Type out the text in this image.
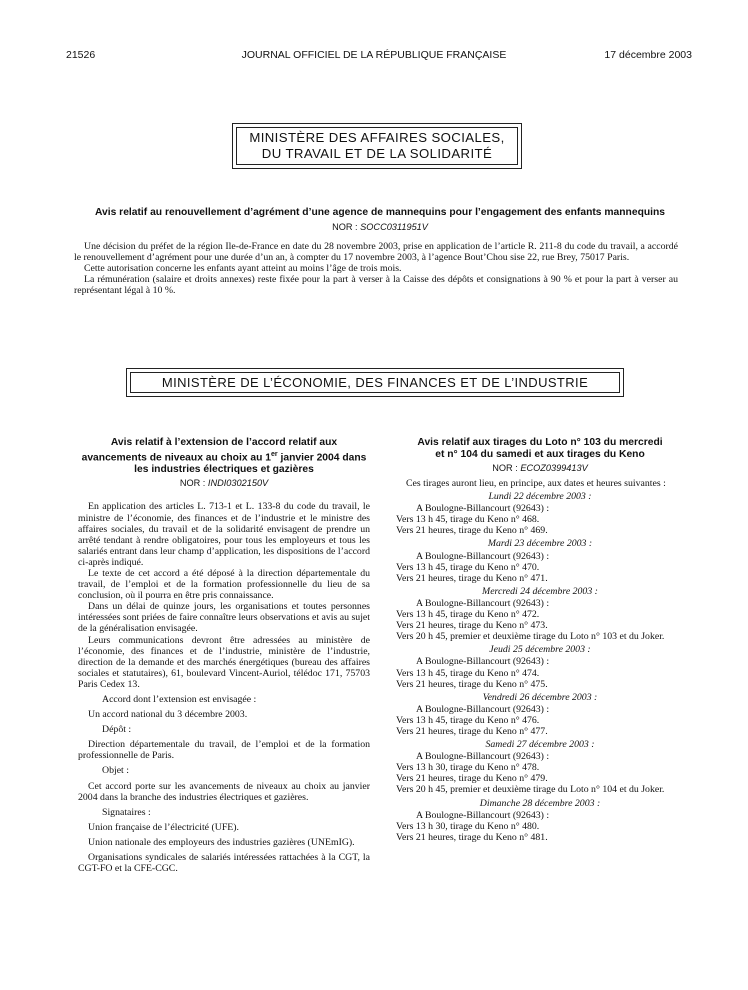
21526	JOURNAL OFFICIEL DE LA RÉPUBLIQUE FRANÇAISE	17 décembre 2003
MINISTÈRE DES AFFAIRES SOCIALES,
DU TRAVAIL ET DE LA SOLIDARITÉ
Avis relatif au renouvellement d’agrément d’une agence de mannequins pour l’engagement des enfants mannequins
NOR : SOCC0311951V

Une décision du préfet de la région Ile-de-France en date du 28 novembre 2003, prise en application de l’article R. 211-8 du code du travail, a accordé le renouvellement d’agrément pour une durée d’un an, à compter du 17 novembre 2003, à l’agence Bout’Chou sise 22, rue Brey, 75017 Paris.

Cette autorisation concerne les enfants ayant atteint au moins l’âge de trois mois.

La rémunération (salaire et droits annexes) reste fixée pour la part à verser à la Caisse des dépôts et consignations à 90 % et pour la part à verser au représentant légal à 10 %.

MINISTÈRE DE L’ÉCONOMIE, DES FINANCES ET DE L’INDUSTRIE

Avis relatif à l’extension de l’accord relatif aux avancements de niveaux au choix au 1er janvier 2004 dans les industries électriques et gazières

NOR : INDI0302150V

En application des articles L. 713-1 et L. 133-8 du code du travail, le ministre de l’économie, des finances et de l’industrie et le ministre des affaires sociales, du travail et de la solidarité envisagent de prendre un arrêté tendant à rendre obligatoires, pour tous les employeurs et tous les salariés entrant dans leur champ d’application, les dispositions de l’accord ci-après indiqué.

Le texte de cet accord a été déposé à la direction départementale du travail, de l’emploi et de la formation professionnelle du lieu de sa conclusion, où il pourra en être pris connaissance.

Dans un délai de quinze jours, les organisations et toutes personnes intéressées sont priées de faire connaître leurs observations et avis au sujet de la généralisation envisagée.

Leurs communications devront être adressées au ministère de l’économie, des finances et de l’industrie, ministère de l’industrie, direction de la demande et des marchés énergétiques (bureau des affaires sociales et statutaires), 61, boulevard Vincent-Auriol, télédoc 171, 75703 Paris Cedex 13.

Accord dont l’extension est envisagée :

Un accord national du 3 décembre 2003.

Dépôt :

Direction départementale du travail, de l’emploi et de la formation professionnelle de Paris.

Objet :

Cet accord porte sur les avancements de niveaux au choix au janvier 2004 dans la branche des industries électriques et gazières.

Signataires :

Union française de l’électricité (UFE).

Union nationale des employeurs des industries gazières (UNEmIG).

Organisations syndicales de salariés intéressées rattachées à la CGT, la CGT-FO et la CFE-CGC.

Avis relatif aux tirages du Loto n° 103 du mercredi
et n° 104 du samedi et aux tirages du Keno

NOR : ECOZ0399413V

Ces tirages auront lieu, en principe, aux dates et heures suivantes :

Lundi 22 décembre 2003 :

A Boulogne-Billancourt (92643) :

Vers 13 h 45, tirage du Keno n° 468.

Vers 21 heures, tirage du Keno n° 469.

Mardi 23 décembre 2003 :

A Boulogne-Billancourt (92643) :

Vers 13 h 45, tirage du Keno n° 470.

Vers 21 heures, tirage du Keno n° 471.

Mercredi 24 décembre 2003 :

A Boulogne-Billancourt (92643) :

Vers 13 h 45, tirage du Keno n° 472.

Vers 21 heures, tirage du Keno n° 473.

Vers 20 h 45, premier et deuxième tirage du Loto n° 103 et du Joker.

Jeudi 25 décembre 2003 :

A Boulogne-Billancourt (92643) :

Vers 13 h 45, tirage du Keno n° 474.

Vers 21 heures, tirage du Keno n° 475.

Vendredi 26 décembre 2003 :

A Boulogne-Billancourt (92643) :

Vers 13 h 45, tirage du Keno n° 476.

Vers 21 heures, tirage du Keno n° 477.

Samedi 27 décembre 2003 :

A Boulogne-Billancourt (92643) :

Vers 13 h 30, tirage du Keno n° 478.

Vers 21 heures, tirage du Keno n° 479.

Vers 20 h 45, premier et deuxième tirage du Loto n° 104 et du Joker.

Dimanche 28 décembre 2003 :

A Boulogne-Billancourt (92643) :

Vers 13 h 30, tirage du Keno n° 480.

Vers 21 heures, tirage du Keno n° 481.
